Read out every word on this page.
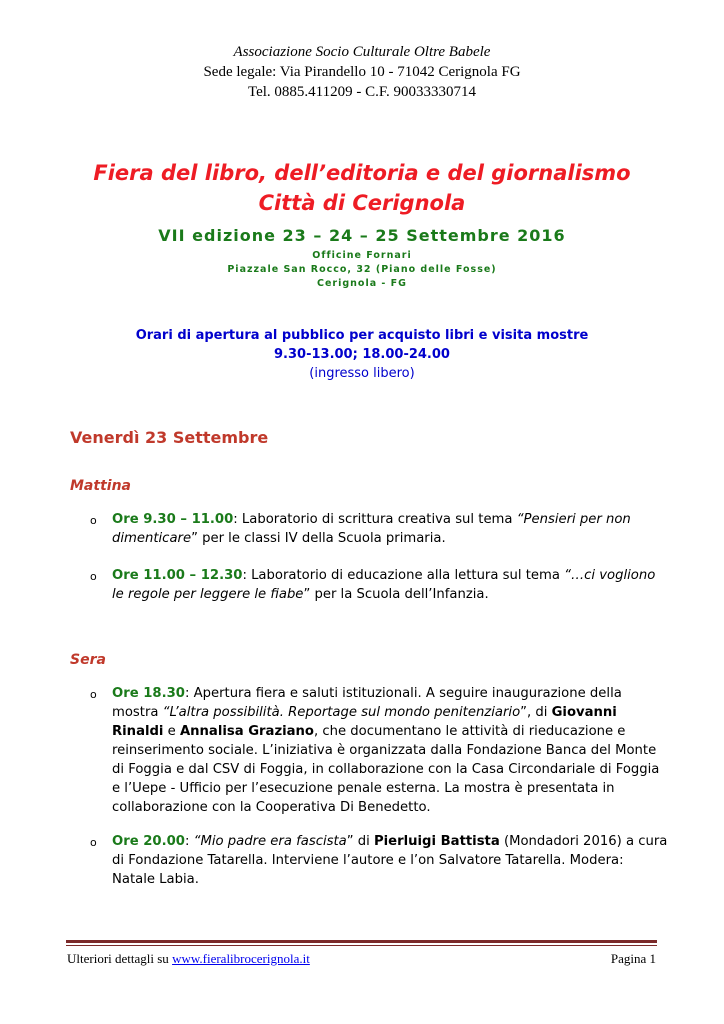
Associazione Socio Culturale Oltre Babele
Sede legale: Via Pirandello 10 - 71042 Cerignola FG
Tel. 0885.411209 - C.F. 90033330714
Fiera del libro, dell’editoria e del giornalismo
Città di Cerignola
VII edizione 23 – 24 – 25 Settembre 2016
Officine Fornari
Piazzale San Rocco, 32 (Piano delle Fosse)
Cerignola - FG
Orari di apertura al pubblico per acquisto libri e visita mostre
9.30-13.00; 18.00-24.00
(ingresso libero)
Venerdì 23 Settembre
Mattina
o Ore 9.30 – 11.00: Laboratorio di scrittura creativa sul tema “Pensieri per non dimenticare” per le classi IV della Scuola primaria.
o Ore 11.00 – 12.30: Laboratorio di educazione alla lettura sul tema “…ci vogliono le regole per leggere le fiabe” per la Scuola dell’Infanzia.
Sera
o Ore 18.30: Apertura fiera e saluti istituzionali. A seguire inaugurazione della mostra “L’altra possibilità. Reportage sul mondo penitenziario”, di Giovanni Rinaldi e Annalisa Graziano, che documentano le attività di rieducazione e reinserimento sociale. L’iniziativa è organizzata dalla Fondazione Banca del Monte di Foggia e dal CSV di Foggia, in collaborazione con la Casa Circondariale di Foggia e l’Uepe - Ufficio per l’esecuzione penale esterna. La mostra è presentata in collaborazione con la Cooperativa Di Benedetto.
o Ore 20.00: “Mio padre era fascista” di Pierluigi Battista (Mondadori 2016) a cura di Fondazione Tatarella. Interviene l’autore e l’on Salvatore Tatarella. Modera: Natale Labia.
Ulteriori dettagli su www.fieralibrocerignola.it	Pagina 1
